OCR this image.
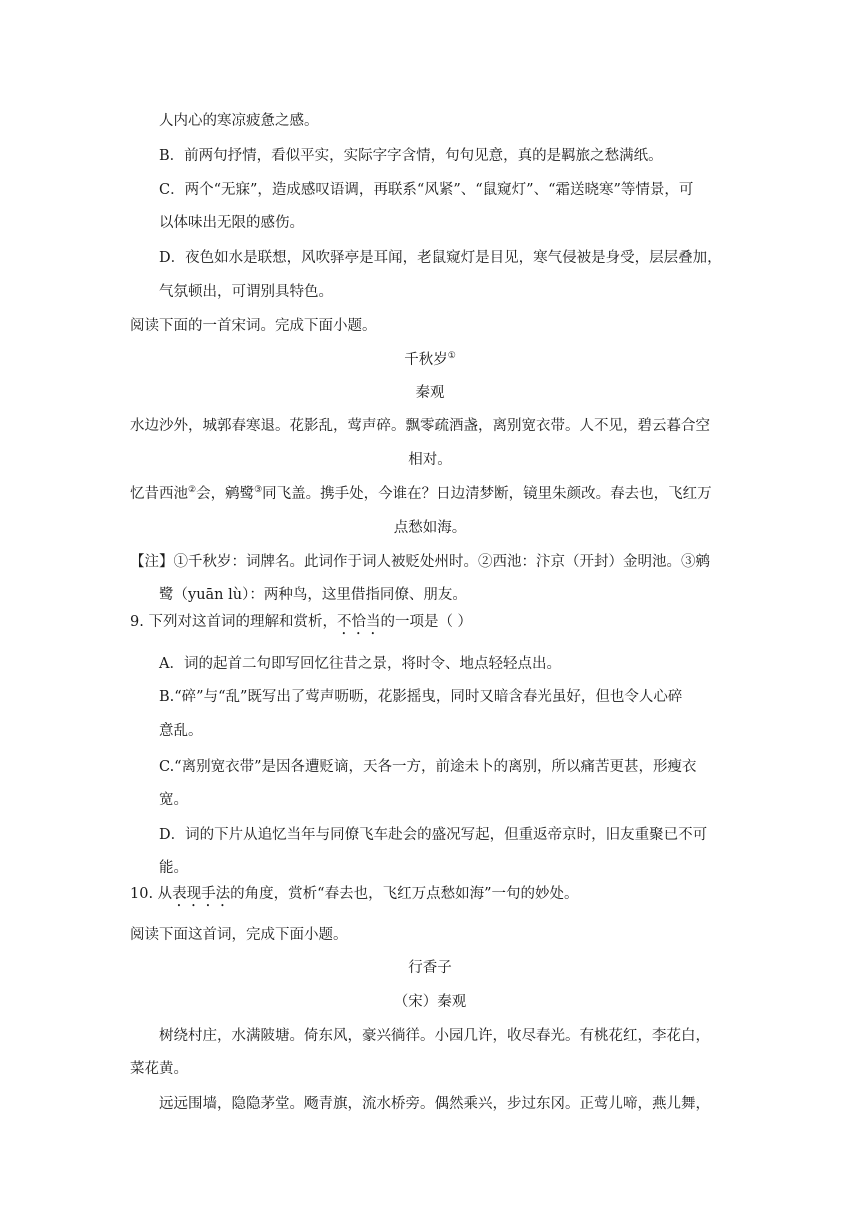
人内心的寒凉疲惫之感。
B．前两句抒情，看似平实，实际字字含情，句句见意，真的是羁旅之愁满纸。
C．两个“无寐”，造成感叹语调，再联系“风紧”、“鼠窥灯”、“霜送晓寒”等情景，可
以体味出无限的感伤。
D．夜色如水是联想，风吹驿亭是耳闻，老鼠窥灯是目见，寒气侵被是身受，层层叠加，
气氛顿出，可谓别具特色。
阅读下面的一首宋词。完成下面小题。
千秋岁①
秦观
水边沙外，城郭春寒退。花影乱，莺声碎。飘零疏酒盏，离别宽衣带。人不见，碧云暮合空
相对。
忆昔西池②会，鹓鹭③同飞盖。携手处，今谁在？日边清梦断，镜里朱颜改。春去也，飞红万
点愁如海。
【注】①千秋岁：词牌名。此词作于词人被贬处州时。②西池：汴京（开封）金明池。③鹓
鹭（yuān lù）：两种鸟，这里借指同僚、朋友。
9. 下列对这首词的理解和赏析，不恰当的一项是（ ）
A．词的起首二句即写回忆往昔之景，将时令、地点轻轻点出。
B.“碎”与“乱”既写出了莺声呖呖，花影摇曳，同时又暗含春光虽好，但也令人心碎
意乱。
C.“离别宽衣带”是因各遭贬谪，天各一方，前途未卜的离别，所以痛苦更甚，形瘦衣
宽。
D．词的下片从追忆当年与同僚飞车赴会的盛况写起，但重返帝京时，旧友重聚已不可
能。
10. 从表现手法的角度，赏析“春去也，飞红万点愁如海”一句的妙处。
阅读下面这首词，完成下面小题。
行香子
（宋）秦观
树绕村庄，水满陂塘。倚东风，豪兴徜徉。小园几许，收尽春光。有桃花红，李花白，
菜花黄。
远远围墙，隐隐茅堂。飏青旗，流水桥旁。偶然乘兴，步过东冈。正莺儿啼，燕儿舞，
